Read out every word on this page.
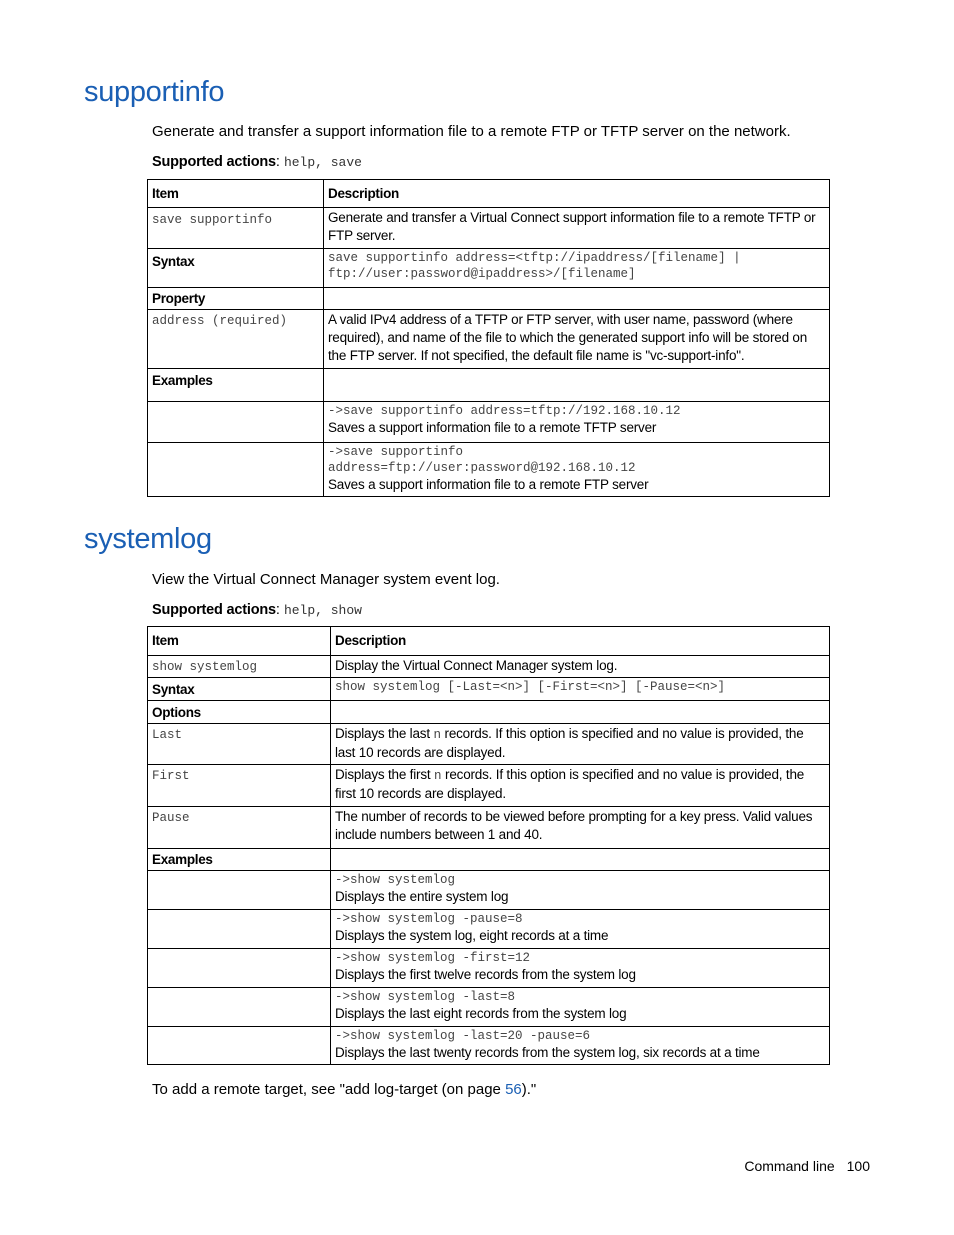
supportinfo

Generate and transfer a support information file to a remote FTP or TFTP server on the network.

Supported actions: help, save

Item	Description
save supportinfo	Generate and transfer a Virtual Connect support information file to a remote TFTP or FTP server.
Syntax	save supportinfo address=<tftp://ipaddress/[filename] |
ftp://user:password@ipaddress>/[filename]

Property	
address (required)	A valid IPv4 address of a TFTP or FTP server, with user name, password (where required), and name of the file to which the generated support info will be stored on the FTP server. If not specified, the default file name is "vc-support-info".
Examples	

	->save supportinfo address=tftp://192.168.10.12
Saves a support information file to a remote TFTP server

	->save supportinfo
address=ftp://user:password@192.168.10.12
Saves a support information file to a remote FTP server
systemlog

View the Virtual Connect Manager system event log.

Supported actions: help, show

Item	Description
show systemlog	Display the Virtual Connect Manager system log.
Syntax	show systemlog [-Last=<n>] [-First=<n>] [-Pause=<n>]
Options	
Last	Displays the last n records. If this option is specified and no value is provided, the last 10 records are displayed.
First	Displays the first n records. If this option is specified and no value is provided, the first 10 records are displayed.
Pause	The number of records to be viewed before prompting for a key press. Valid values include numbers between 1 and 40.
Examples	

	->show systemlog
Displays the entire system log

	->show systemlog -pause=8
Displays the system log, eight records at a time

	->show systemlog -first=12
Displays the first twelve records from the system log

	->show systemlog -last=8
Displays the last eight records from the system log

	->show systemlog -last=20 -pause=6
Displays the last twenty records from the system log, six records at a time

To add a remote target, see "add log-target (on page 56)."

Command line 100
